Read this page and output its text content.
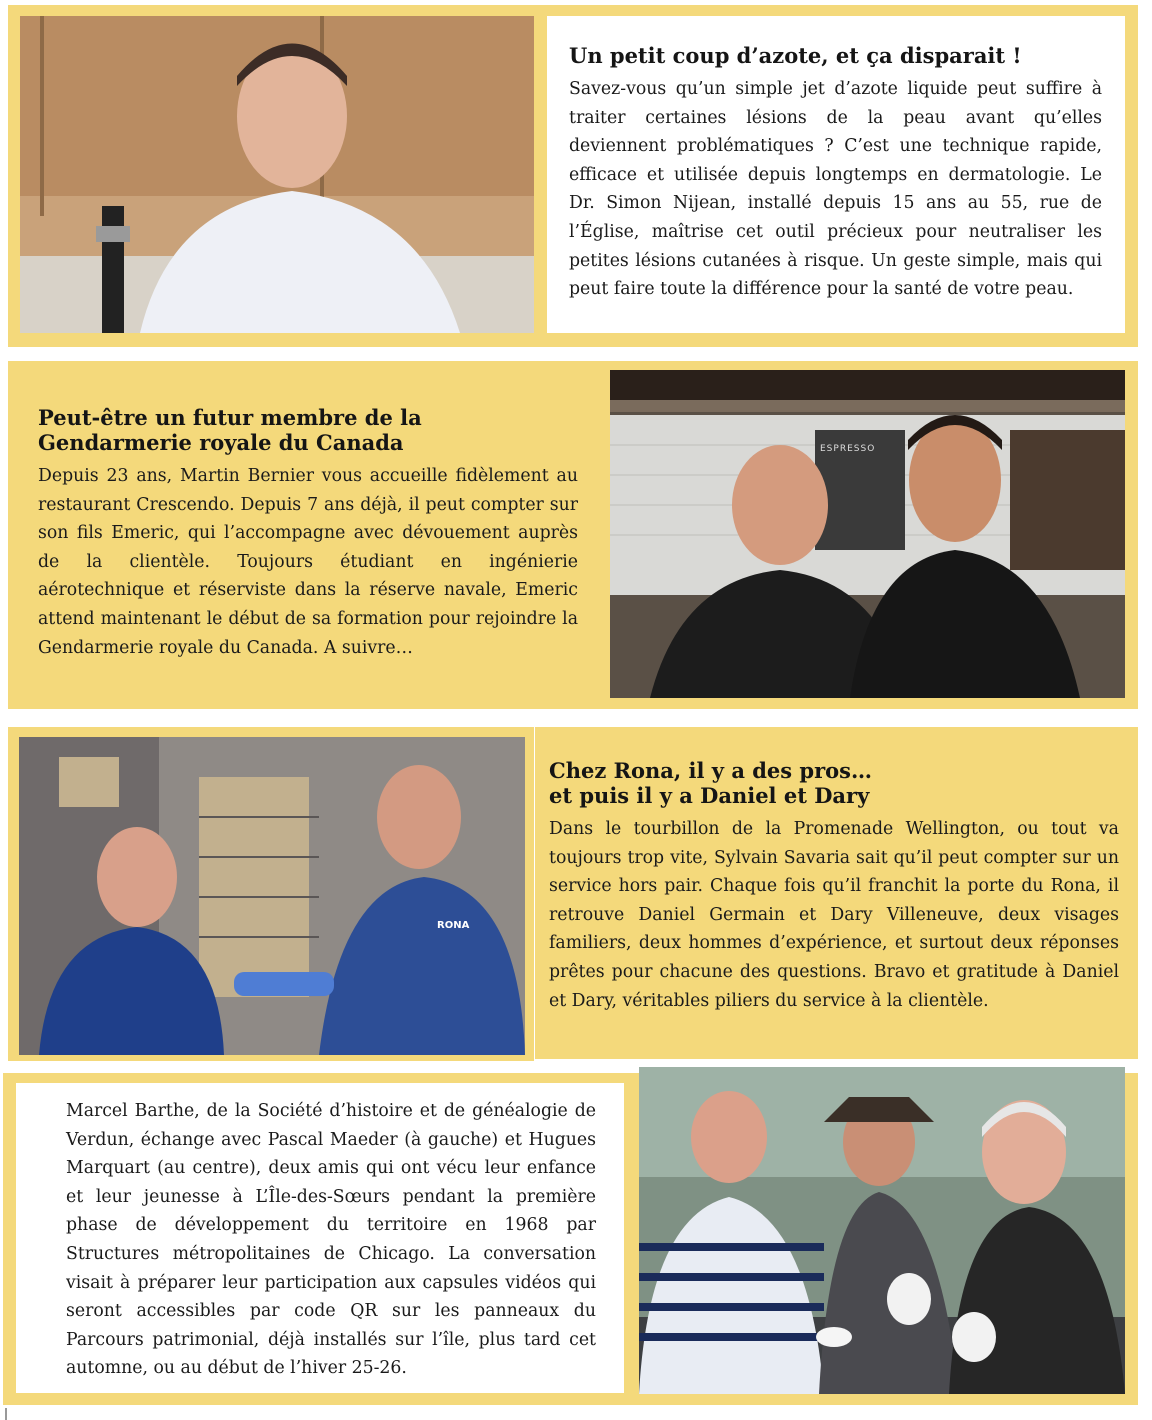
Un petit coup d’azote, et ça disparait !

Savez-vous qu’un simple jet d’azote liquide peut suffire à traiter certaines lésions de la peau avant qu’elles deviennent problématiques ? C’est une technique rapide, efficace et utilisée depuis longtemps en dermatologie. Le Dr. Simon Nijean, installé depuis 15 ans au 55, rue de l’Église, maîtrise cet outil précieux pour neutraliser les petites lésions cutanées à risque. Un geste simple, mais qui peut faire toute la différence pour la santé de votre peau.

Peut-être un futur membre de la
Gendarmerie royale du Canada

Depuis 23 ans, Martin Bernier vous accueille fidèlement au restaurant Crescendo. Depuis 7 ans déjà, il peut compter sur son fils Emeric, qui l’accompagne avec dévouement auprès de la clientèle. Toujours étudiant en ingénierie aérotechnique et réserviste dans la réserve navale, Emeric attend maintenant le début de sa formation pour rejoindre la Gendarmerie royale du Canada. A suivre…

ESPRESSO
Chez Rona, il y a des pros…
et puis il y a Daniel et Dary

Dans le tourbillon de la Promenade Wellington, ou tout va toujours trop vite, Sylvain Savaria sait qu’il peut compter sur un service hors pair. Chaque fois qu’il franchit la porte du Rona, il retrouve Daniel Germain et Dary Villeneuve, deux visages familiers, deux hommes d’expérience, et surtout deux réponses prêtes pour chacune des questions. Bravo et gratitude à Daniel et Dary, véritables piliers du service à la clientèle.

RONA

Marcel Barthe, de la Société d’histoire et de généalogie de Verdun, échange avec Pascal Maeder (à gauche) et Hugues Marquart (au centre), deux amis qui ont vécu leur enfance et leur jeunesse à L’Île-des-Sœurs pendant la première phase de développement du territoire en 1968 par Structures métropolitaines de Chicago. La conversation visait à préparer leur participation aux capsules vidéos qui seront accessibles par code QR sur les panneaux du Parcours patrimonial, déjà installés sur l’île, plus tard cet automne, ou au début de l’hiver 25-26.
